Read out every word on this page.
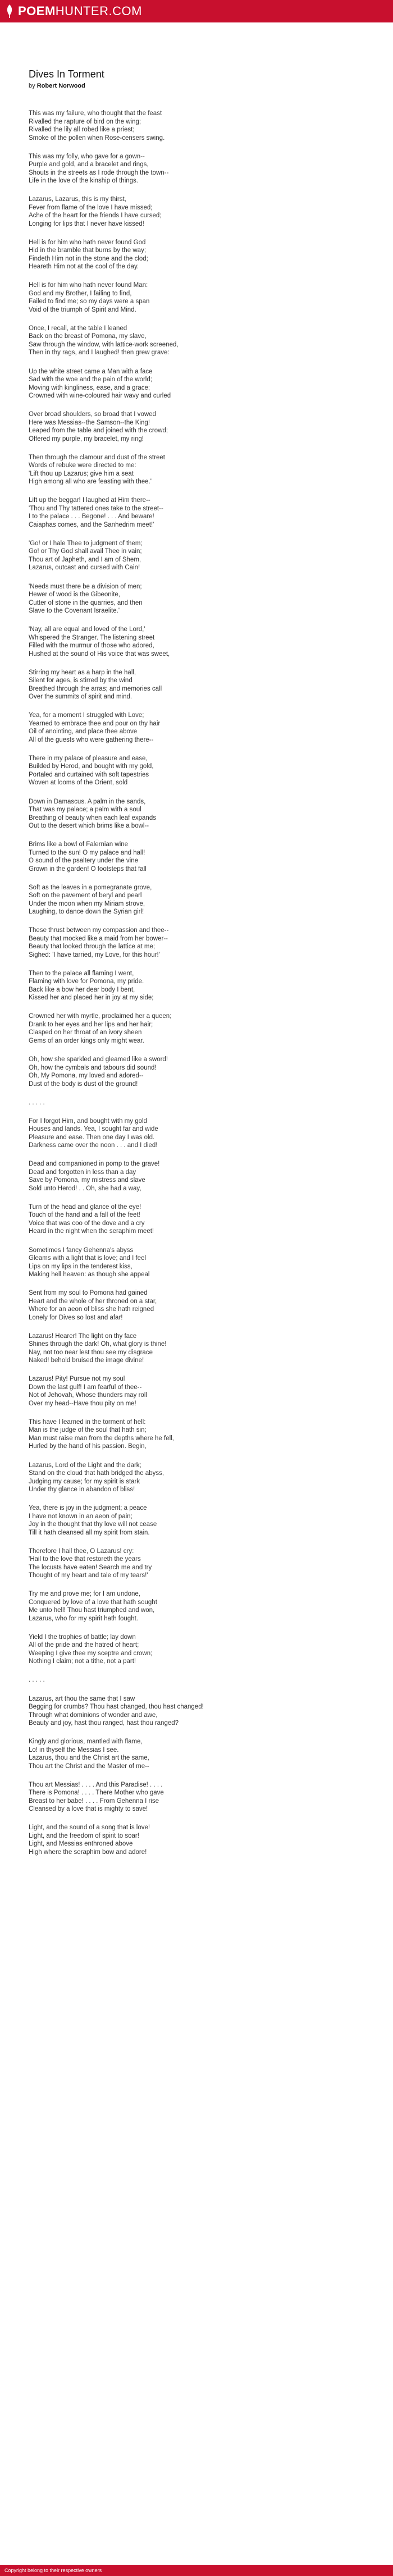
POEMHUNTER.COM
Dives In Torment
by Robert Norwood
This was my failure, who thought that the feast
Rivalled the rapture of bird on the wing;
Rivalled the lily all robed like a priest;
Smoke of the pollen when Rose-censers swing.
This was my folly, who gave for a gown--
Purple and gold, and a bracelet and rings,
Shouts in the streets as I rode through the town--
Life in the love of the kinship of things.
Lazarus, Lazarus, this is my thirst,
Fever from flame of the love I have missed;
Ache of the heart for the friends I have cursed;
Longing for lips that I never have kissed!
Hell is for him who hath never found God
Hid in the bramble that burns by the way;
Findeth Him not in the stone and the clod;
Heareth Him not at the cool of the day.
Hell is for him who hath never found Man:
God and my Brother, I failing to find,
Failed to find me; so my days were a span
Void of the triumph of Spirit and Mind.
Once, I recall, at the table I leaned
Back on the breast of Pomona, my slave,
Saw through the window, with lattice-work screened,
Then in thy rags, and I laughed! then grew grave:
Up the white street came a Man with a face
Sad with the woe and the pain of the world;
Moving with kingliness, ease, and a grace;
Crowned with wine-coloured hair wavy and curled
Over broad shoulders, so broad that I vowed
Here was Messias--the Samson--the King!
Leaped from the table and joined with the crowd;
Offered my purple, my bracelet, my ring!
Then through the clamour and dust of the street
Words of rebuke were directed to me:
'Lift thou up Lazarus; give him a seat
High among all who are feasting with thee.'
Lift up the beggar! I laughed at Him there--
'Thou and Thy tattered ones take to the street--
I to the palace . . . Begone! . . . And beware!
Caiaphas comes, and the Sanhedrim meet!'
'Go! or I hale Thee to judgment of them;
Go! or Thy God shall avail Thee in vain;
Thou art of Japheth, and I am of Shem,
Lazarus, outcast and cursed with Cain!
'Needs must there be a division of men;
Hewer of wood is the Gibeonite,
Cutter of stone in the quarries, and then
Slave to the Covenant Israelite.'
'Nay, all are equal and loved of the Lord,'
Whispered the Stranger. The listening street
Filled with the murmur of those who adored,
Hushed at the sound of His voice that was sweet,
Stirring my heart as a harp in the hall,
Silent for ages, is stirred by the wind
Breathed through the arras; and memories call
Over the summits of spirit and mind.
Yea, for a moment I struggled with Love;
Yearned to embrace thee and pour on thy hair
Oil of anointing, and place thee above
All of the guests who were gathering there--
There in my palace of pleasure and ease,
Builded by Herod, and bought with my gold,
Portaled and curtained with soft tapestries
Woven at looms of the Orient, sold
Down in Damascus. A palm in the sands,
That was my palace; a palm with a soul
Breathing of beauty when each leaf expands
Out to the desert which brims like a bowl--
Brims like a bowl of Falernian wine
Turned to the sun! O my palace and hall!
O sound of the psaltery under the vine
Grown in the garden! O footsteps that fall
Soft as the leaves in a pomegranate grove,
Soft on the pavement of beryl and pearl
Under the moon when my Miriam strove,
Laughing, to dance down the Syrian girl!
These thrust between my compassion and thee--
Beauty that mocked like a maid from her bower--
Beauty that looked through the lattice at me;
Sighed: 'I have tarried, my Love, for this hour!'
Then to the palace all flaming I went,
Flaming with love for Pomona, my pride.
Back like a bow her dear body I bent,
Kissed her and placed her in joy at my side;
Crowned her with myrtle, proclaimed her a queen;
Drank to her eyes and her lips and her hair;
Clasped on her throat of an ivory sheen
Gems of an order kings only might wear.
Oh, how she sparkled and gleamed like a sword!
Oh, how the cymbals and tabours did sound!
Oh, My Pomona, my loved and adored--
Dust of the body is dust of the ground!
. . . . .
For I forgot Him, and bought with my gold
Houses and lands. Yea, I sought far and wide
Pleasure and ease. Then one day I was old.
Darkness came over the noon . . . and I died!
Dead and companioned in pomp to the grave!
Dead and forgotten in less than a day
Save by Pomona, my mistress and slave
Sold unto Herod! . . Oh, she had a way,
Turn of the head and glance of the eye!
Touch of the hand and a fall of the feet!
Voice that was coo of the dove and a cry
Heard in the night when the seraphim meet!
Sometimes I fancy Gehenna's abyss
Gleams with a light that is love; and I feel
Lips on my lips in the tenderest kiss,
Making hell heaven: as though she appeal
Sent from my soul to Pomona had gained
Heart and the whole of her throned on a star,
Where for an aeon of bliss she hath reigned
Lonely for Dives so lost and afar!
Lazarus! Hearer! The light on thy face
Shines through the dark! Oh, what glory is thine!
Nay, not too near lest thou see my disgrace
Naked! behold bruised the image divine!
Lazarus! Pity! Pursue not my soul
Down the last gulf! I am fearful of thee--
Not of Jehovah, Whose thunders may roll
Over my head--Have thou pity on me!
This have I learned in the torment of hell:
Man is the judge of the soul that hath sin;
Man must raise man from the depths where he fell,
Hurled by the hand of his passion. Begin,
Lazarus, Lord of the Light and the dark;
Stand on the cloud that hath bridged the abyss,
Judging my cause; for my spirit is stark
Under thy glance in abandon of bliss!
Yea, there is joy in the judgment; a peace
I have not known in an aeon of pain;
Joy in the thought that thy love will not cease
Till it hath cleansed all my spirit from stain.
Therefore I hail thee, O Lazarus! cry:
'Hail to the love that restoreth the years
The locusts have eaten! Search me and try
Thought of my heart and tale of my tears!'
Try me and prove me; for I am undone,
Conquered by love of a love that hath sought
Me unto hell! Thou hast triumphed and won,
Lazarus, who for my spirit hath fought.
Yield I the trophies of battle; lay down
All of the pride and the hatred of heart;
Weeping I give thee my sceptre and crown;
Nothing I claim; not a tithe, not a part!
. . . . .
Lazarus, art thou the same that I saw
Begging for crumbs? Thou hast changed, thou hast changed!
Through what dominions of wonder and awe,
Beauty and joy, hast thou ranged, hast thou ranged?
Kingly and glorious, mantled with flame,
Lo! in thyself the Messias I see.
Lazarus, thou and the Christ art the same,
Thou art the Christ and the Master of me--
Thou art Messias! . . . . And this Paradise! . . . .
There is Pomona! . . . . There Mother who gave
Breast to her babe! . . . . From Gehenna I rise
Cleansed by a love that is mighty to save!
Light, and the sound of a song that is love!
Light, and the freedom of spirit to soar!
Light, and Messias enthroned above
High where the seraphim bow and adore!
Copyright belong to their respective owners
